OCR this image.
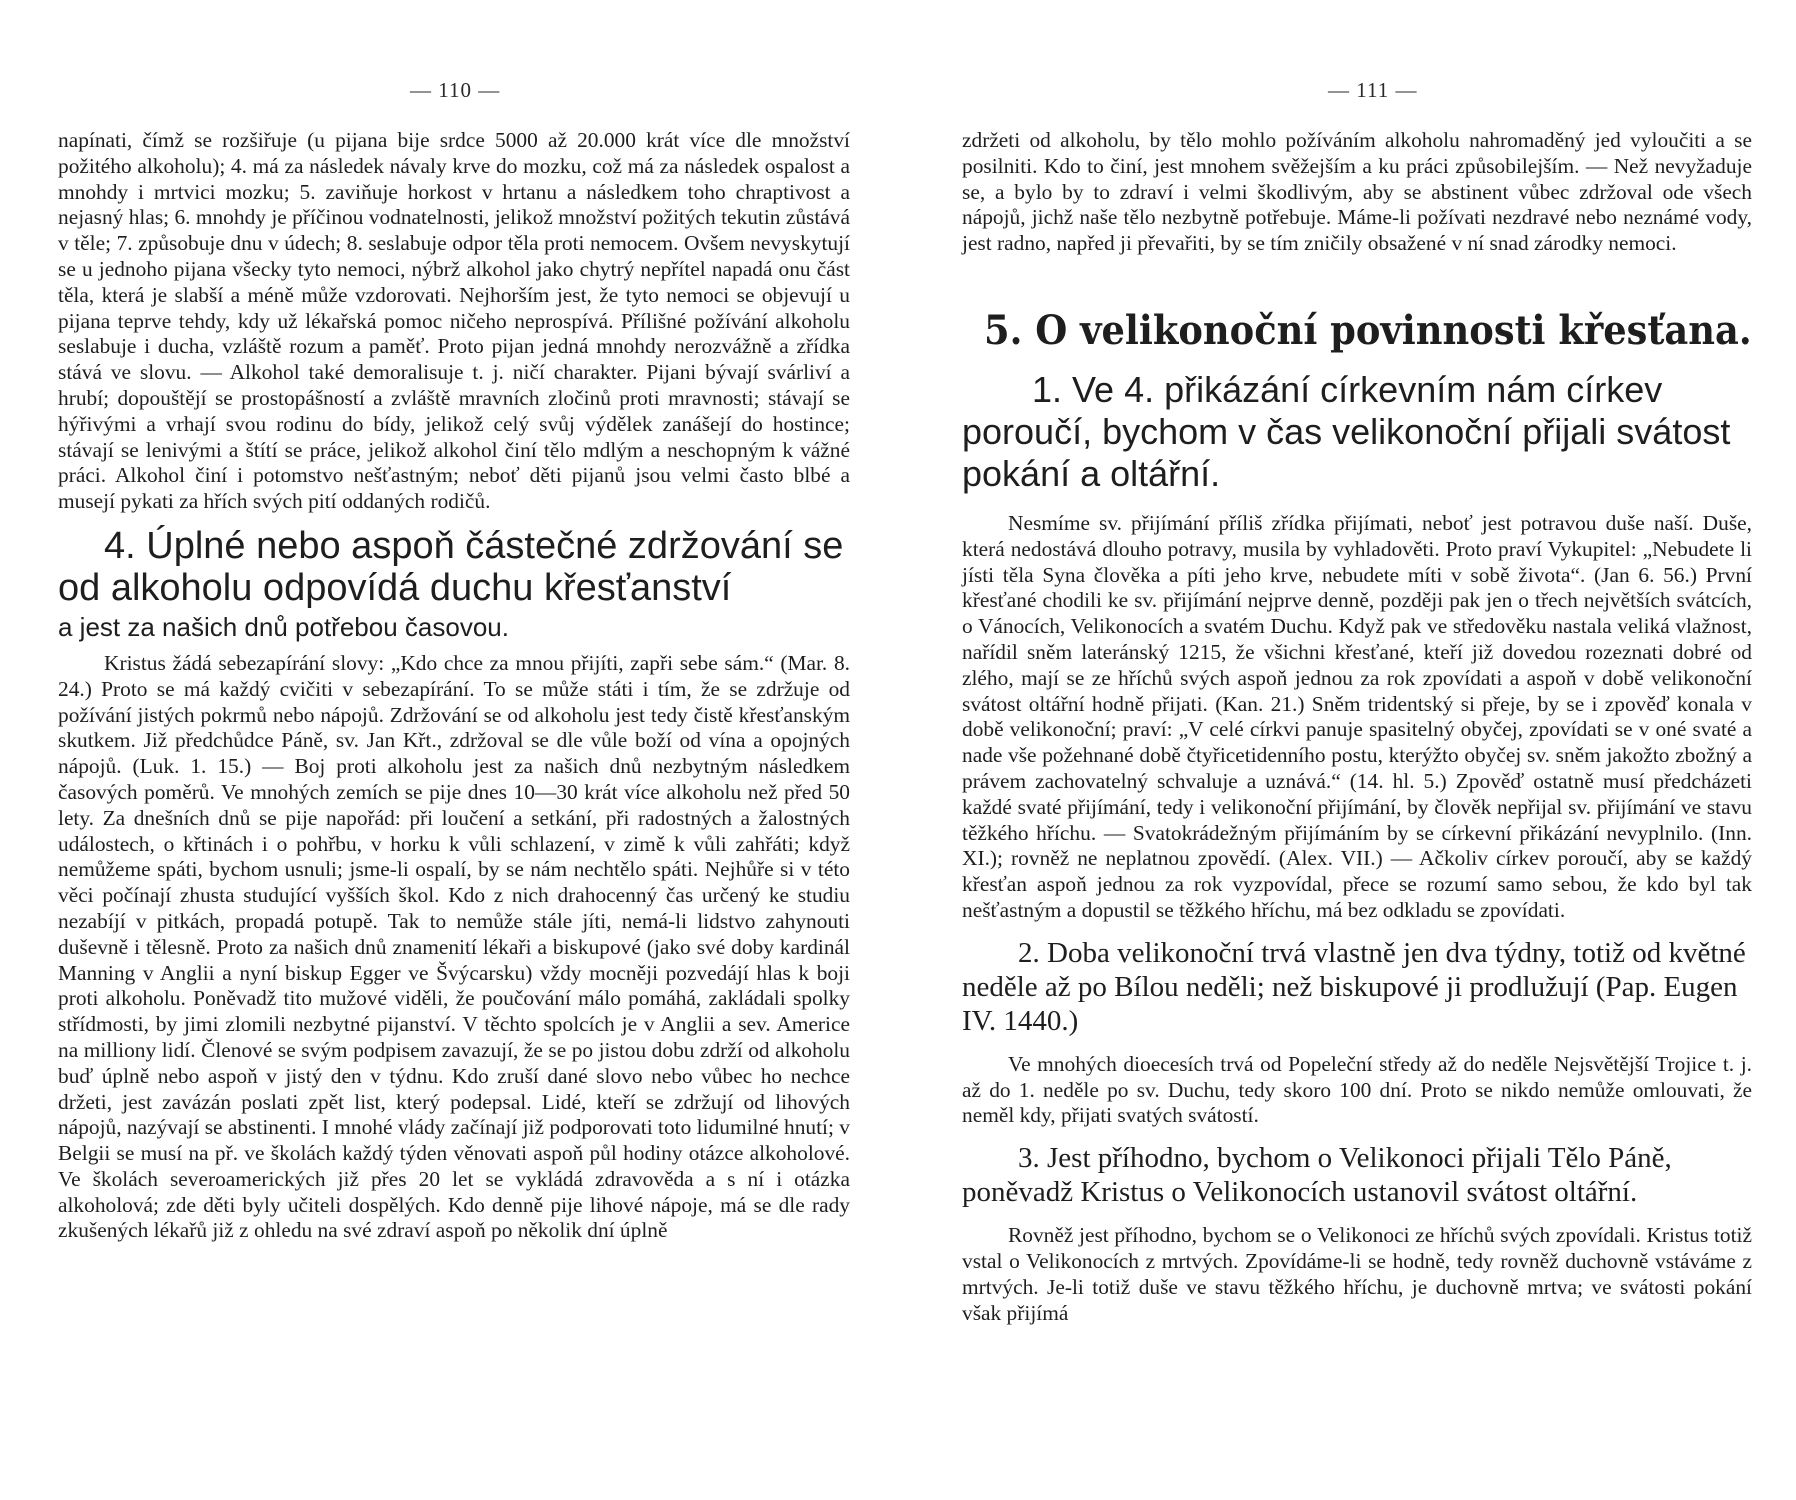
— 110 —

napínati, čímž se rozšiřuje (u pijana bije srdce 5000 až 20.000 krát více dle množství požitého alkoholu); 4. má za následek návaly krve do mozku, což má za následek ospalost a mnohdy i mrtvici mozku; 5. zaviňuje horkost v hrtanu a následkem toho chraptivost a nejasný hlas; 6. mnohdy je příčinou vodnatelnosti, jelikož množství požitých tekutin zůstává v těle; 7. způsobuje dnu v údech; 8. seslabuje odpor těla proti nemocem. Ovšem nevyskytují se u jednoho pijana všecky tyto nemoci, nýbrž alkohol jako chytrý nepřítel napadá onu část těla, která je slabší a méně může vzdorovati. Nejhorším jest, že tyto nemoci se objevují u pijana teprve tehdy, kdy už lékařská pomoc ničeho neprospívá. Přílišné požívání alkoholu seslabuje i ducha, vzláště rozum a paměť. Proto pijan jedná mnohdy nerozvážně a zřídka stává ve slovu. — Alkohol také demoralisuje t. j. ničí charakter. Pijani bývají svárliví a hrubí; dopouštějí se prostopášností a zvláště mravních zločinů proti mravnosti; stávají se hýřivými a vrhají svou rodinu do bídy, jelikož celý svůj výdělek zanášejí do hostince; stávají se lenivými a štítí se práce, jelikož alkohol činí tělo mdlým a neschopným k vážné práci. Alkohol činí i potomstvo nešťastným; neboť děti pijanů jsou velmi často blbé a musejí pykati za hřích svých pití oddaných rodičů.

4. Úplné nebo aspoň částečné zdržování se od alkoholu odpovídá duchu křesťanství
a jest za našich dnů potřebou časovou.

Kristus žádá sebezapírání slovy: „Kdo chce za mnou přijíti, zapři sebe sám.“ (Mar. 8. 24.) Proto se má každý cvičiti v sebezapírání. To se může státi i tím, že se zdržuje od požívání jistých pokrmů nebo nápojů. Zdržování se od alkoholu jest tedy čistě křesťanským skutkem. Již předchůdce Páně, sv. Jan Křt., zdržoval se dle vůle boží od vína a opojných nápojů. (Luk. 1. 15.) — Boj proti alkoholu jest za našich dnů nezbytným následkem časových poměrů. Ve mnohých zemích se pije dnes 10—30 krát více alkoholu než před 50 lety. Za dnešních dnů se pije napořád: při loučení a setkání, při radostných a žalostných událostech, o křtinách i o pohřbu, v horku k vůli schlazení, v zimě k vůli zahřáti; když nemůžeme spáti, bychom usnuli; jsme-li ospalí, by se nám nechtělo spáti. Nejhůře si v této věci počínají zhusta studující vyšších škol. Kdo z nich drahocenný čas určený ke studiu nezabíjí v pitkách, propadá potupě. Tak to nemůže stále jíti, nemá-li lidstvo zahynouti duševně i tělesně. Proto za našich dnů znamenití lékaři a biskupové (jako své doby kardinál Manning v Anglii a nyní biskup Egger ve Švýcarsku) vždy mocněji pozvedájí hlas k boji proti alkoholu. Poněvadž tito mužové viděli, že poučování málo pomáhá, zakládali spolky střídmosti, by jimi zlomili nezbytné pijanství. V těchto spolcích je v Anglii a sev. Americe na milliony lidí. Členové se svým podpisem zavazují, že se po jistou dobu zdrží od alkoholu buď úplně nebo aspoň v jistý den v týdnu. Kdo zruší dané slovo nebo vůbec ho nechce držeti, jest zavázán poslati zpět list, který podepsal. Lidé, kteří se zdržují od lihových nápojů, nazývají se abstinenti. I mnohé vlády začínají již podporovati toto lidumilné hnutí; v Belgii se musí na př. ve školách každý týden věnovati aspoň půl hodiny otázce alkoholové. Ve školách severoamerických již přes 20 let se vykládá zdravověda a s ní i otázka alkoholová; zde děti byly učiteli dospělých. Kdo denně pije lihové nápoje, má se dle rady zkušených lékařů již z ohledu na své zdraví aspoň po několik dní úplně

— 111 —

zdržeti od alkoholu, by tělo mohlo požíváním alkoholu nahromaděný jed vyloučiti a se posilniti. Kdo to činí, jest mnohem svěžejším a ku práci způsobilejším. — Než nevyžaduje se, a bylo by to zdraví i velmi škodlivým, aby se abstinent vůbec zdržoval ode všech nápojů, jichž naše tělo nezbytně potřebuje. Máme-li požívati nezdravé nebo neznámé vody, jest radno, napřed ji převařiti, by se tím zničily obsažené v ní snad zárodky nemoci.

5. O velikonoční povinnosti křesťana.
1. Ve 4. přikázání církevním nám církev poroučí, bychom v čas velikonoční přijali svátost pokání a oltářní.

Nesmíme sv. přijímání příliš zřídka přijímati, neboť jest potravou duše naší. Duše, která nedostává dlouho potravy, musila by vyhladověti. Proto praví Vykupitel: „Nebudete li jísti těla Syna člověka a píti jeho krve, nebudete míti v sobě života“. (Jan 6. 56.) První křesťané chodili ke sv. přijímání nejprve denně, později pak jen o třech největších svátcích, o Vánocích, Velikonocích a svatém Duchu. Když pak ve středověku nastala veliká vlažnost, nařídil sněm lateránský 1215, že všichni křesťané, kteří již dovedou rozeznati dobré od zlého, mají se ze hříchů svých aspoň jednou za rok zpovídati a aspoň v době velikonoční svátost oltářní hodně přijati. (Kan. 21.) Sněm tridentský si přeje, by se i zpověď konala v době velikonoční; praví: „V celé církvi panuje spasitelný obyčej, zpovídati se v oné svaté a nade vše požehnané době čtyřicetidenního postu, kterýžto obyčej sv. sněm jakožto zbožný a právem zachovatelný schvaluje a uznává.“ (14. hl. 5.) Zpověď ostatně musí předcházeti každé svaté přijímání, tedy i velikonoční přijímání, by člověk nepřijal sv. přijímání ve stavu těžkého hříchu. — Svatokrádežným přijímáním by se církevní přikázání nevyplnilo. (Inn. XI.); rovněž ne neplatnou zpovědí. (Alex. VII.) — Ačkoliv církev poroučí, aby se každý křesťan aspoň jednou za rok vyzpovídal, přece se rozumí samo sebou, že kdo byl tak nešťastným a dopustil se těžkého hříchu, má bez odkladu se zpovídati.

2. Doba velikonoční trvá vlastně jen dva týdny, totiž od květné neděle až po Bílou neděli; než biskupové ji prodlužují (Pap. Eugen IV. 1440.)

Ve mnohých dioecesích trvá od Popeleční středy až do neděle Nejsvětější Trojice t. j. až do 1. neděle po sv. Duchu, tedy skoro 100 dní. Proto se nikdo nemůže omlouvati, že neměl kdy, přijati svatých svátostí.

3. Jest příhodno, bychom o Velikonoci přijali Tělo Páně, poněvadž Kristus o Velikonocích ustanovil svátost oltářní.

Rovněž jest příhodno, bychom se o Velikonoci ze hříchů svých zpovídali. Kristus totiž vstal o Velikonocích z mrtvých. Zpovídáme-li se hodně, tedy rovněž duchovně vstáváme z mrtvých. Je-li totiž duše ve stavu těžkého hříchu, je duchovně mrtva; ve svátosti pokání však přijímá
